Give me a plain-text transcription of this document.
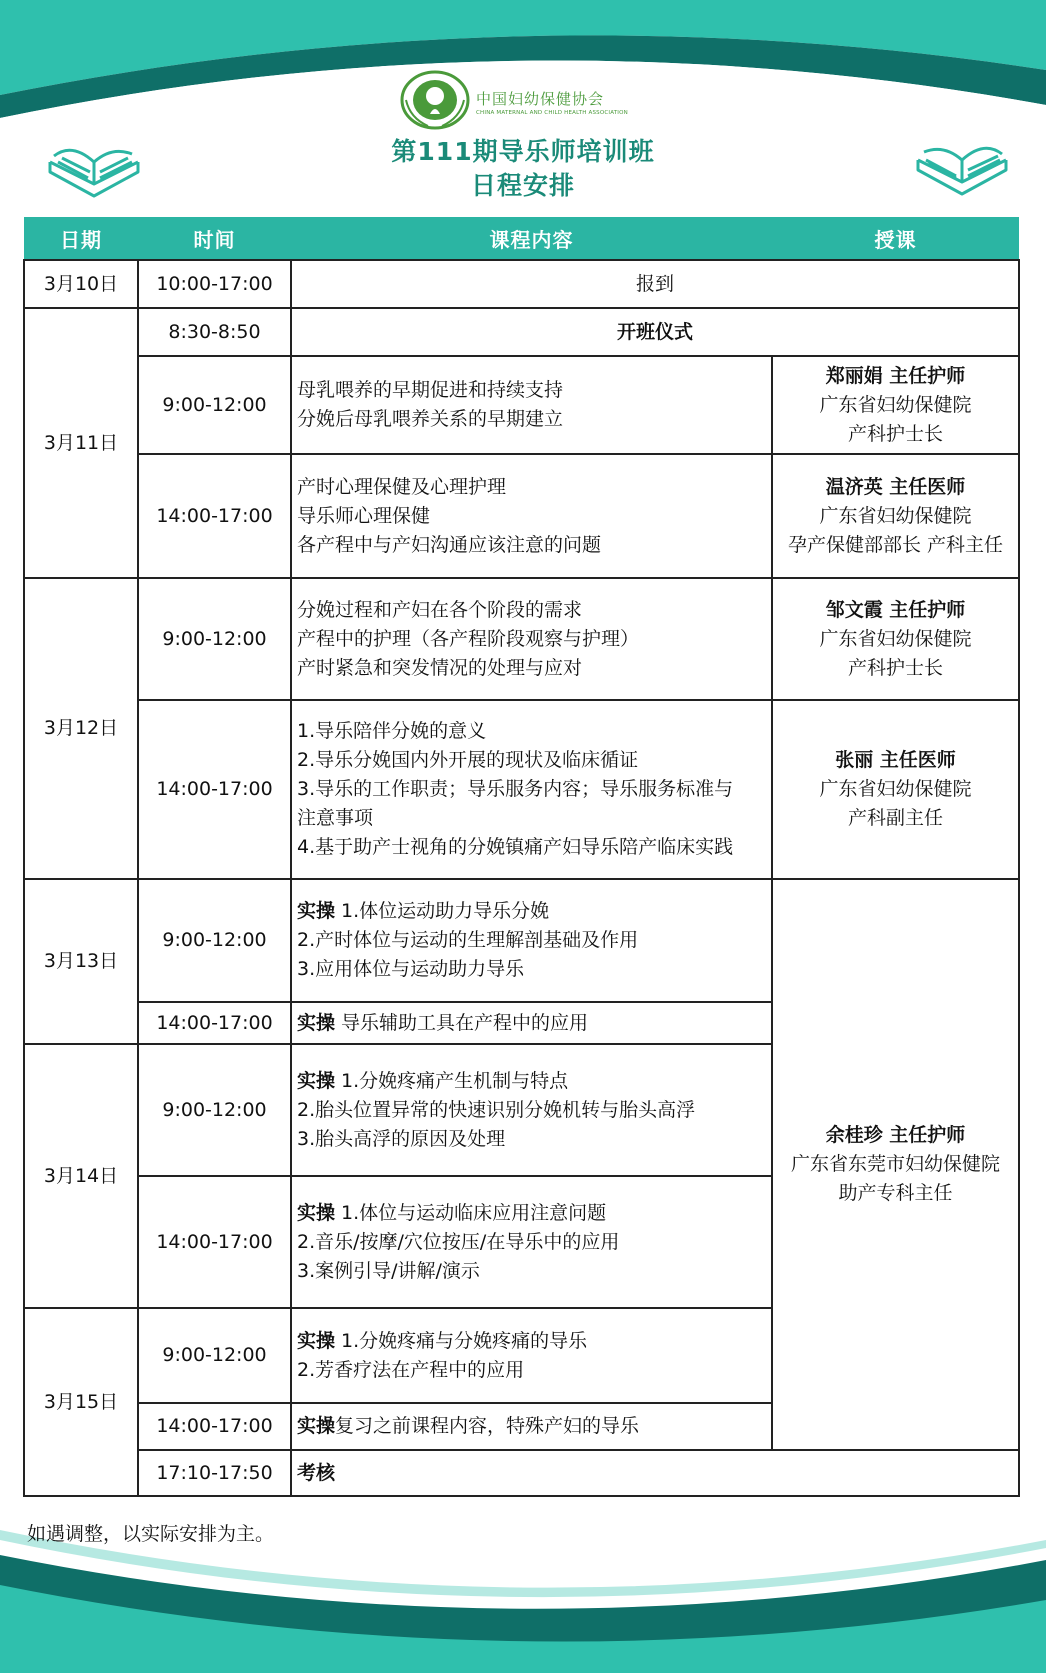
中国妇幼保健协会
CHINA MATERNAL AND CHILD HEALTH ASSOCIATION
第111期导乐师培训班
日程安排
日期	时间	课程内容	授课
3月10日	10:00-17:00	报到	
3月11日	8:30-8:50	开班仪式	
	9:00-12:00	母乳喂养的早期促进和持续支持
分娩后母乳喂养关系的早期建立	郑丽娟 主任护师
广东省妇幼保健院
产科护士长

	14:00-17:00	产时心理保健及心理护理
导乐师心理保健
各产程中与产妇沟通应该注意的问题	温济英 主任医师
广东省妇幼保健院
孕产保健部部长 产科主任

3月12日	9:00-12:00	分娩过程和产妇在各个阶段的需求
产程中的护理（各产程阶段观察与护理）
产时紧急和突发情况的处理与应对	邹文霞 主任护师
广东省妇幼保健院
产科护士长

	14:00-17:00	1.导乐陪伴分娩的意义
2.导乐分娩国内外开展的现状及临床循证
3.导乐的工作职责；导乐服务内容；导乐服务标准与
注意事项
4.基于助产士视角的分娩镇痛产妇导乐陪产临床实践	张丽 主任医师
广东省妇幼保健院
产科副主任

3月13日	9:00-12:00	实操 1.体位运动助力导乐分娩
2.产时体位与运动的生理解剖基础及作用
3.应用体位与运动助力导乐	余桂珍 主任护师
广东省东莞市妇幼保健院
助产专科主任

	14:00-17:00	实操 导乐辅助工具在产程中的应用	

3月14日	9:00-12:00	实操 1.分娩疼痛产生机制与特点
2.胎头位置异常的快速识别分娩机转与胎头高浮
3.胎头高浮的原因及处理	

	14:00-17:00	实操 1.体位与运动临床应用注意问题
2.音乐/按摩/穴位按压/在导乐中的应用
3.案例引导/讲解/演示	

3月15日	9:00-12:00	实操 1.分娩疼痛与分娩疼痛的导乐
2.芳香疗法在产程中的应用	

	14:00-17:00	实操复习之前课程内容，特殊产妇的导乐	

	17:10-17:50	考核	
如遇调整，以实际安排为主。
